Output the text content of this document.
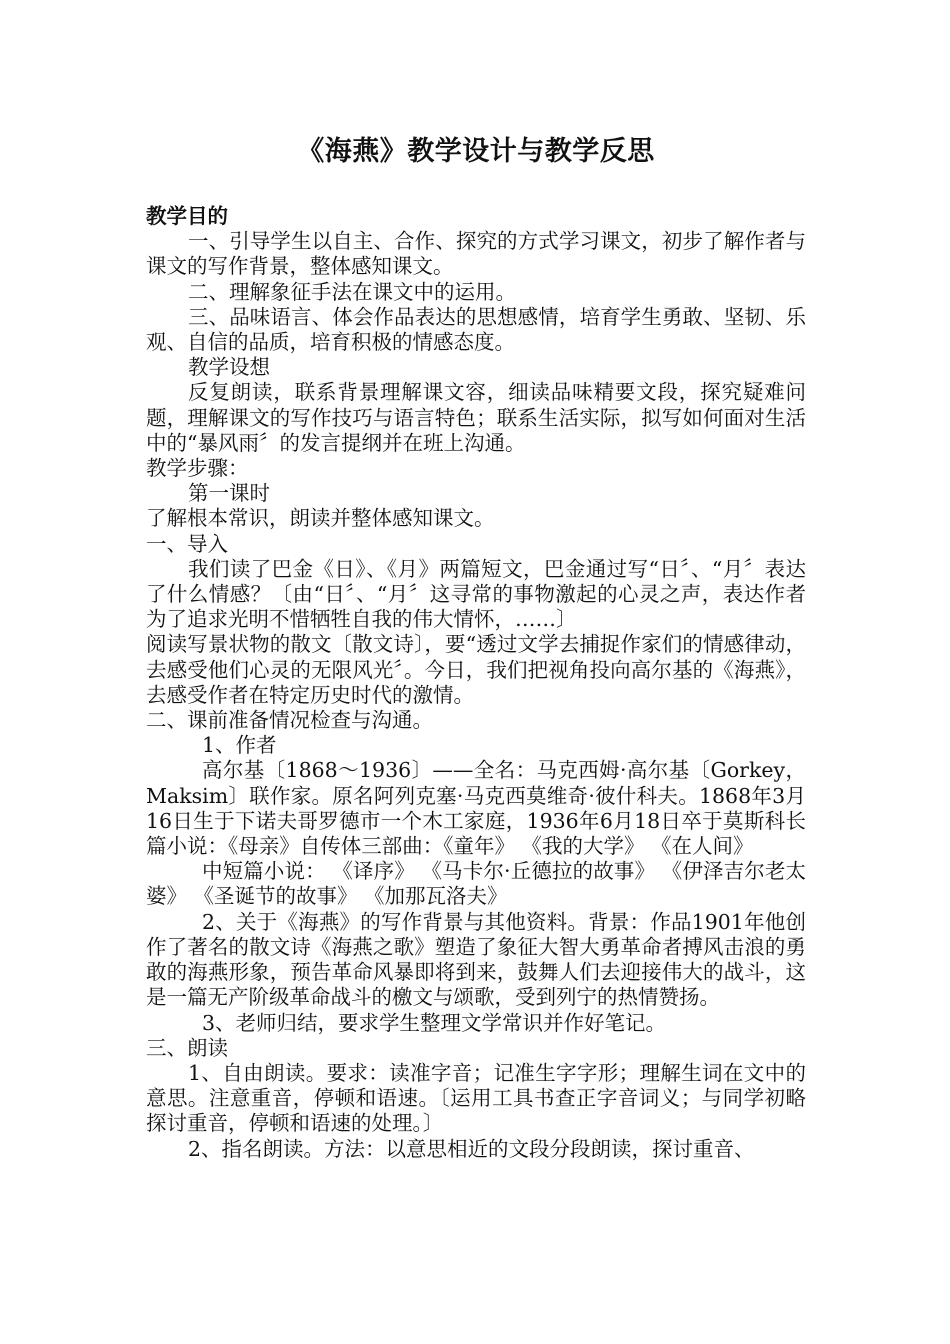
《海燕》教学设计与教学反思

教学目的

一、引导学生以自主、合作、探究的方式学习课文，初步了解作者与课文的写作背景，整体感知课文。

二、理解象征手法在课文中的运用。

三、品味语言、体会作品表达的思想感情，培育学生勇敢、坚韧、乐观、自信的品质，培育积极的情感态度。

教学设想

反复朗读，联系背景理解课文容，细读品味精要文段，探究疑难问题，理解课文的写作技巧与语言特色；联系生活实际，拟写如何面对生活中的“暴风雨〞的发言提纲并在班上沟通。

教学步骤：

第一课时

了解根本常识，朗读并整体感知课文。

一、导入

我们读了巴金《日》、《月》两篇短文，巴金通过写“日〞、“月〞表达了什么情感？〔由“日〞、“月〞这寻常的事物激起的心灵之声，表达作者为了追求光明不惜牺牲自我的伟大情怀，……〕

阅读写景状物的散文〔散文诗〕，要“透过文学去捕捉作家们的情感律动，去感受他们心灵的无限风光〞。今日，我们把视角投向高尔基的《海燕》，去感受作者在特定历史时代的激情。

二、课前准备情况检查与沟通。

1、作者

高尔基〔1868～1936〕——全名：马克西姆·高尔基〔Gorkey，Maksim〕联作家。原名阿列克塞·马克西莫维奇·彼什科夫。1868年3月16日生于下诺夫哥罗德市一个木工家庭，1936年6月18日卒于莫斯科长篇小说：《母亲》自传体三部曲：《童年》 《我的大学》 《在人间》

中短篇小说： 《译序》 《马卡尔·丘德拉的故事》 《伊泽吉尔老太婆》 《圣诞节的故事》 《加那瓦洛夫》

2、关于《海燕》的写作背景与其他资料。背景：作品1901年他创作了著名的散文诗《海燕之歌》塑造了象征大智大勇革命者搏风击浪的勇敢的海燕形象，预告革命风暴即将到来，鼓舞人们去迎接伟大的战斗，这是一篇无产阶级革命战斗的檄文与颂歌，受到列宁的热情赞扬。

3、老师归结，要求学生整理文学常识并作好笔记。

三、朗读

1、自由朗读。要求：读准字音；记准生字字形；理解生词在文中的意思。注意重音，停顿和语速。〔运用工具书查正字音词义；与同学初略探讨重音，停顿和语速的处理。〕

2、指名朗读。方法：以意思相近的文段分段朗读，探讨重音、
